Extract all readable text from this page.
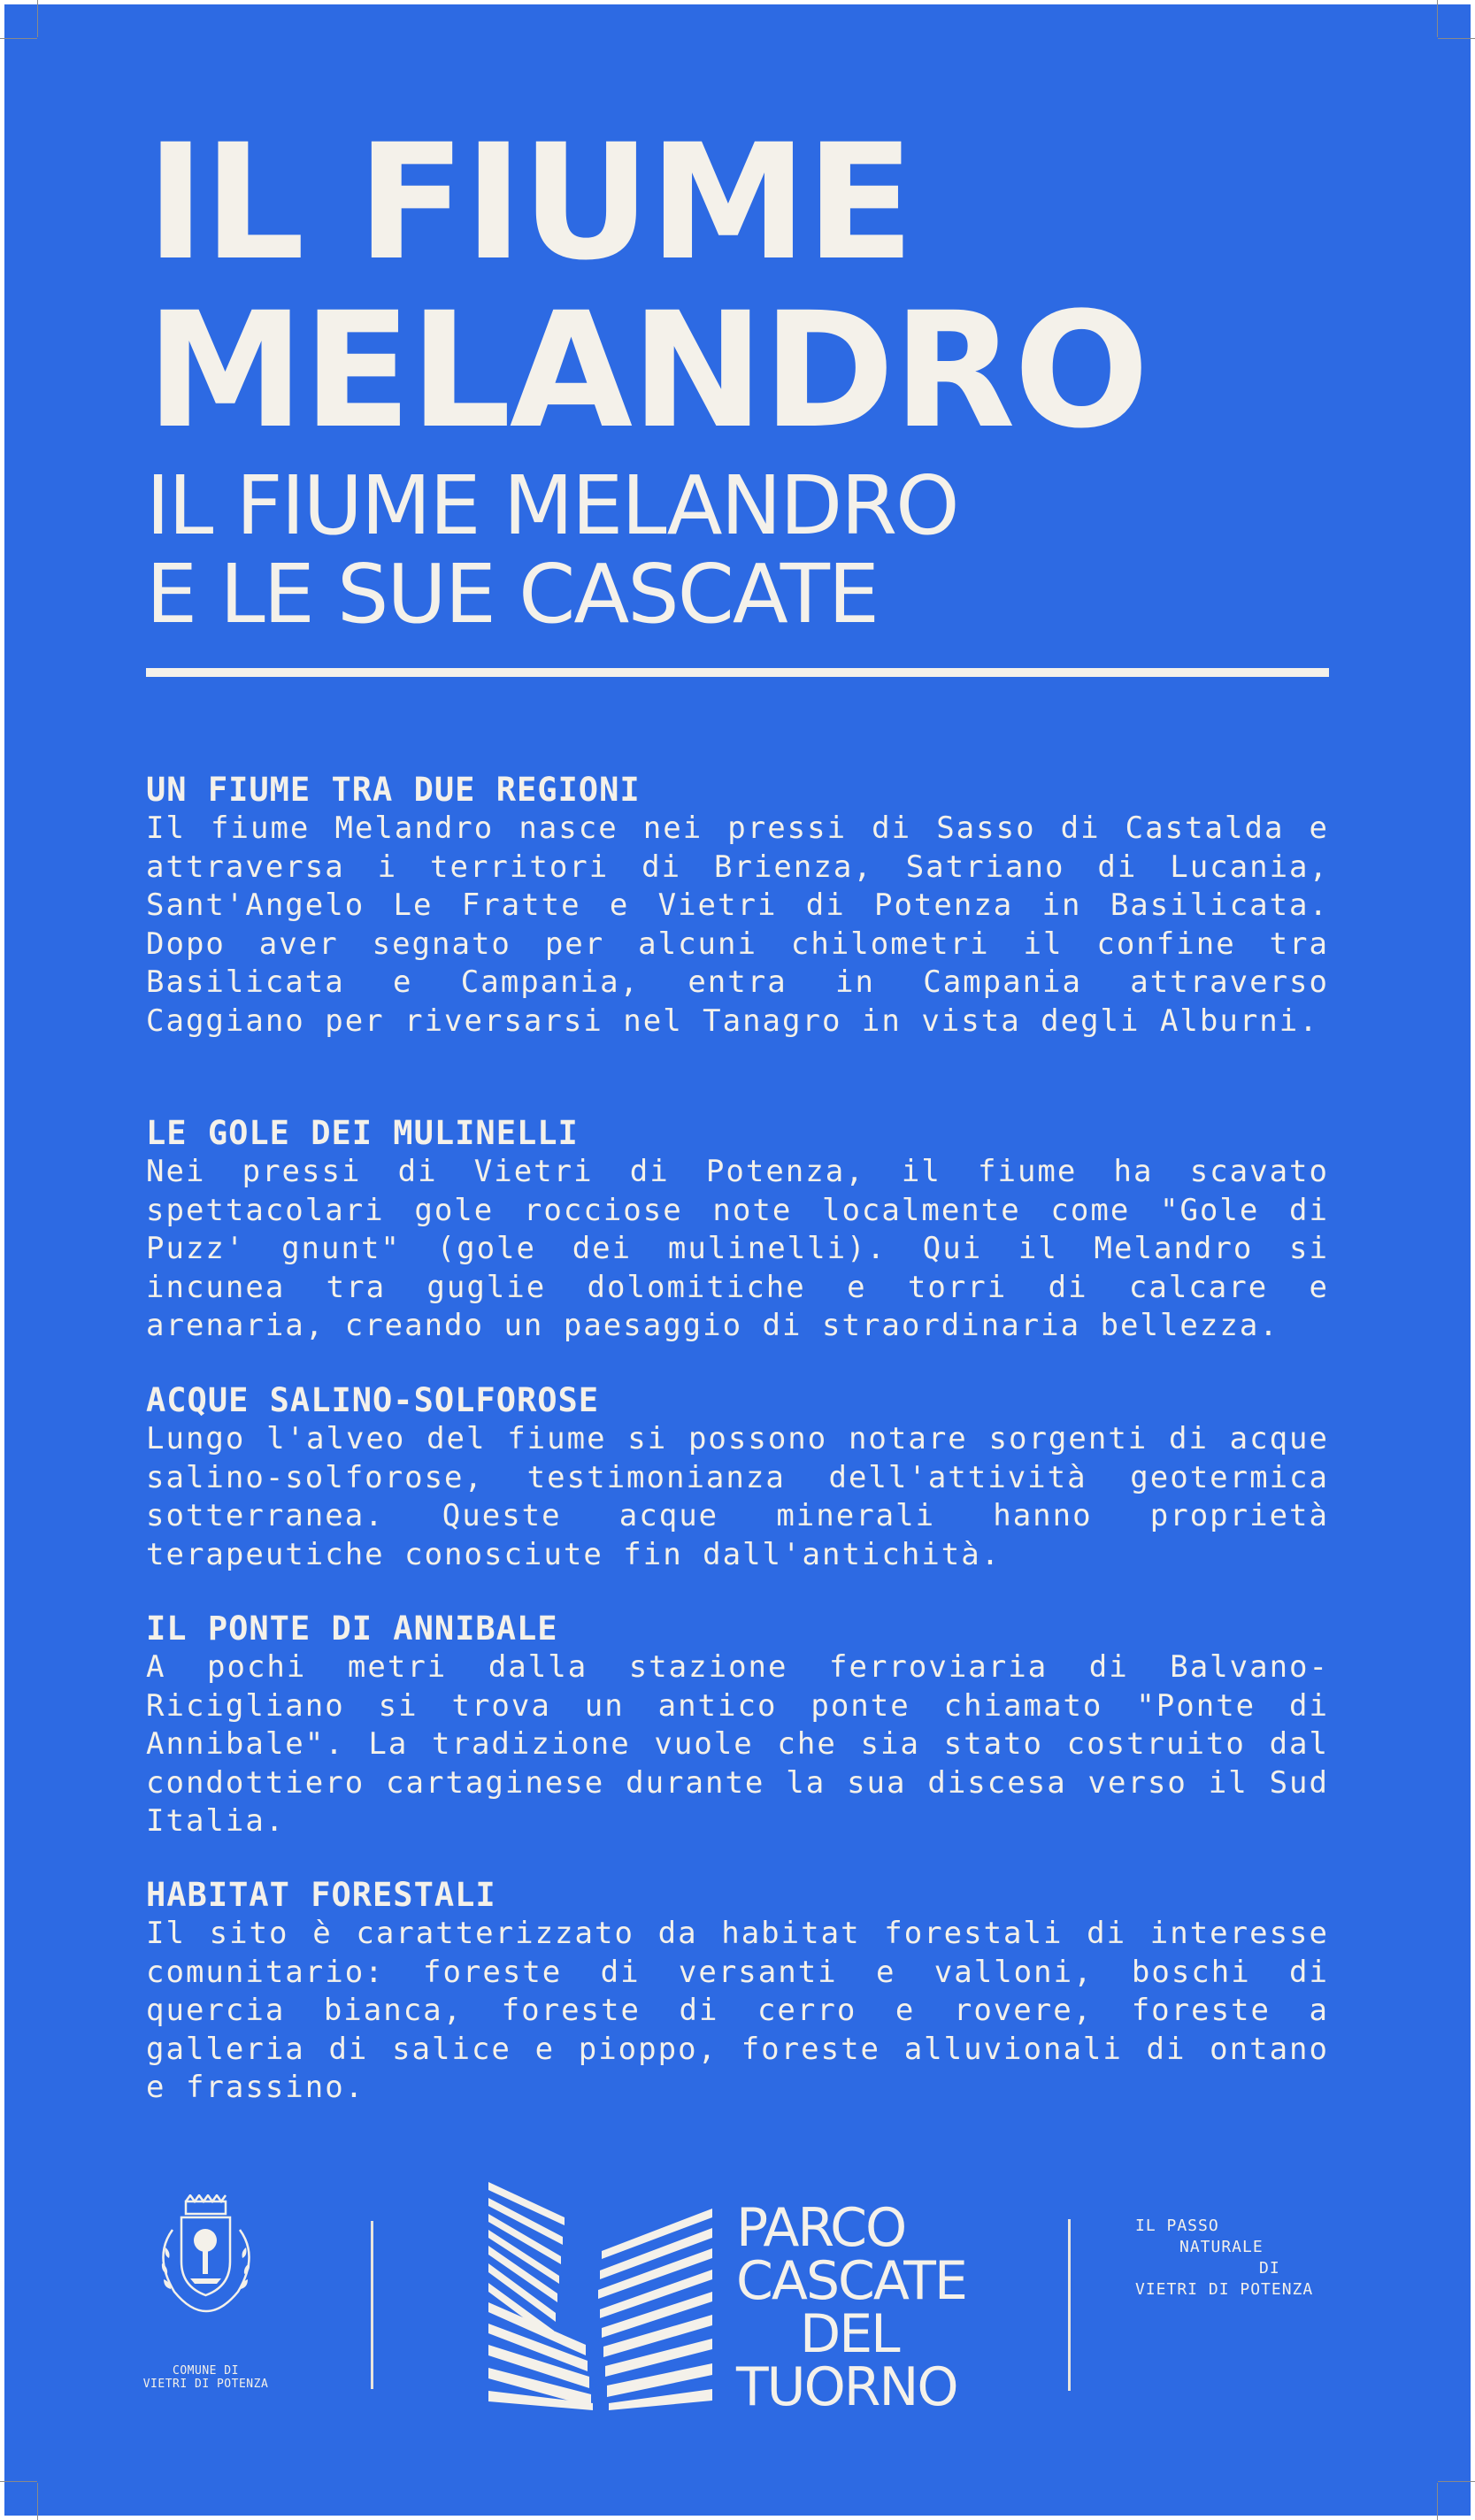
IL FIUME
MELANDRO
IL FIUME MELANDRO
E LE SUE CASCATE
UN FIUME TRA DUE REGIONI

Il fiume Melandro nasce nei pressi di Sasso di Castalda e attraversa i territori di Brienza, Satriano di Lucania, Sant'Angelo Le Fratte e Vietri di Potenza in Basilicata. Dopo aver segnato per alcuni chilometri il confine tra Basilicata e Campania, entra in Campania attraverso Caggiano per riversarsi nel Tanagro in vista degli Alburni.

LE GOLE DEI MULINELLI

Nei pressi di Vietri di Potenza, il fiume ha scavato spettacolari gole rocciose note localmente come "Gole di Puzz' gnunt" (gole dei mulinelli). Qui il Melandro si incunea tra guglie dolomitiche e torri di calcare e arenaria, creando un paesaggio di straordinaria bellezza.

ACQUE SALINO-SOLFOROSE

Lungo l'alveo del fiume si possono notare sorgenti di acque salino-solforose, testimonianza dell'attività geotermica sotterranea. Queste acque minerali hanno proprietà terapeutiche conosciute fin dall'antichità.

IL PONTE DI ANNIBALE

A pochi metri dalla stazione ferroviaria di Balvano-Ricigliano si trova un antico ponte chiamato "Ponte di Annibale". La tradizione vuole che sia stato costruito dal condottiero cartaginese durante la sua discesa verso il Sud Italia.

HABITAT FORESTALI

Il sito è caratterizzato da habitat forestali di interesse comunitario: foreste di versanti e valloni, boschi di quercia bianca, foreste di cerro e rovere, foreste a galleria di salice e pioppo, foreste alluvionali di ontano e frassino.

COMUNE DI
VIETRI DI POTENZA
PARCO
CASCATE
DEL
TUORNO
IL PASSO
NATURALE
DI
VIETRI DI POTENZA
